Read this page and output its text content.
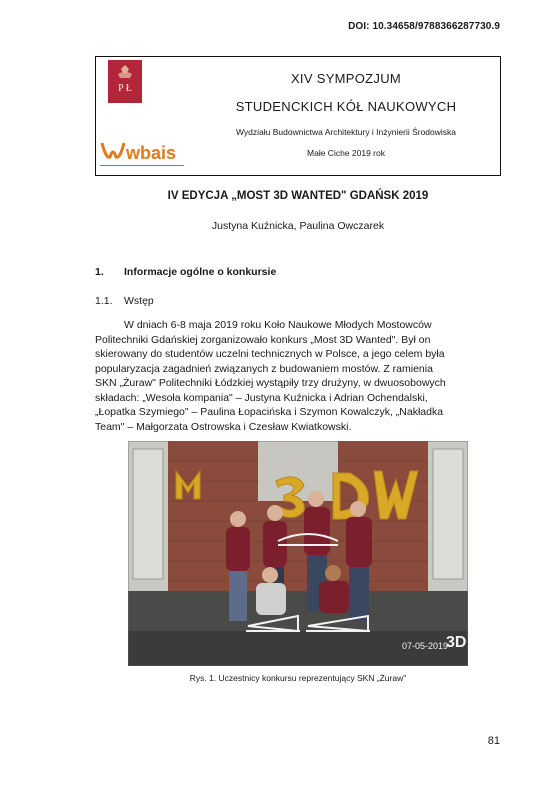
DOI: 10.34658/9788366287730.9
P Ł
wbais
XIV SYMPOZJUM
STUDENCKICH KÓŁ NAUKOWYCH
Wydziału Budownictwa Architektury i Inżynierii Środowiska
Małe Ciche 2019 rok
IV EDYCJA „MOST 3D WANTED" GDAŃSK 2019
Justyna Kuźnicka, Paulina Owczarek
1. Informacje ogólne o konkursie
1.1. Wstęp
W dniach 6-8 maja 2019 roku Koło Naukowe Młodych Mostowców
Politechniki Gdańskiej zorganizowało konkurs „Most 3D Wanted". Był on
skierowany do studentów uczelni technicznych w Polsce, a jego celem była
popularyzacja zagadnień związanych z budowaniem mostów. Z ramienia
SKN „Żuraw" Politechniki Łódzkiej wystąpiły trzy drużyny, w dwuosobowych
składach: „Wesoła kompania" – Justyna Kuźnicka i Adrian Ochendalski,
„Łopatka Szymiego" – Paulina Łopacińska i Szymon Kowalczyk, „Nakładka
Team" – Małgorzata Ostrowska i Czesław Kwiatkowski.
07-05-2019
3D
Rys. 1. Uczestnicy konkursu reprezentujący SKN „Żuraw"
81
